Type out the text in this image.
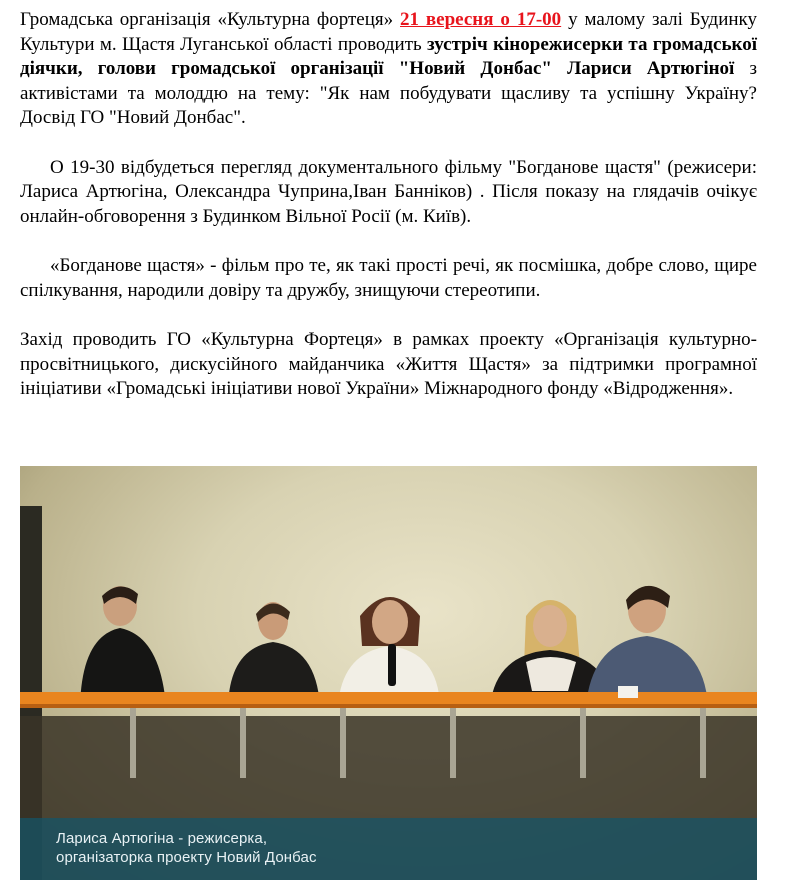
Громадська організація «Культурна фортеця» 21 вересня о 17-00 у малому залі Будинку Культури м. Щастя Луганської області проводить зустріч кінорежисерки та громадської діячки, голови громадської організації "Новий Донбас" Лариси Артюгіної з активістами та молоддю на тему: "Як нам побудувати щасливу та успішну Україну? Досвід ГО "Новий Донбас".

О 19-30 відбудеться перегляд документального фільму "Богданове щастя" (режисери: Лариса Артюгіна, Олександра Чуприна,Іван Банніков) . Після показу на глядачів очікує онлайн-обговорення з Будинком Вільної Росії (м. Київ).

«Богданове щастя» - фільм про те, як такі прості речі, як посмішка, добре слово, щире спілкування, народили довіру та дружбу, знищуючи стереотипи.

Захід проводить ГО «Культурна Фортеця» в рамках проекту «Організація культурно-просвітницького, дискусійного майданчика «Життя Щастя» за підтримки програмної ініціативи «Громадські ініціативи нової України» Міжнародного фонду «Відродження».

Лариса Артюгіна - режисерка,
організаторка проекту Новий Донбас
